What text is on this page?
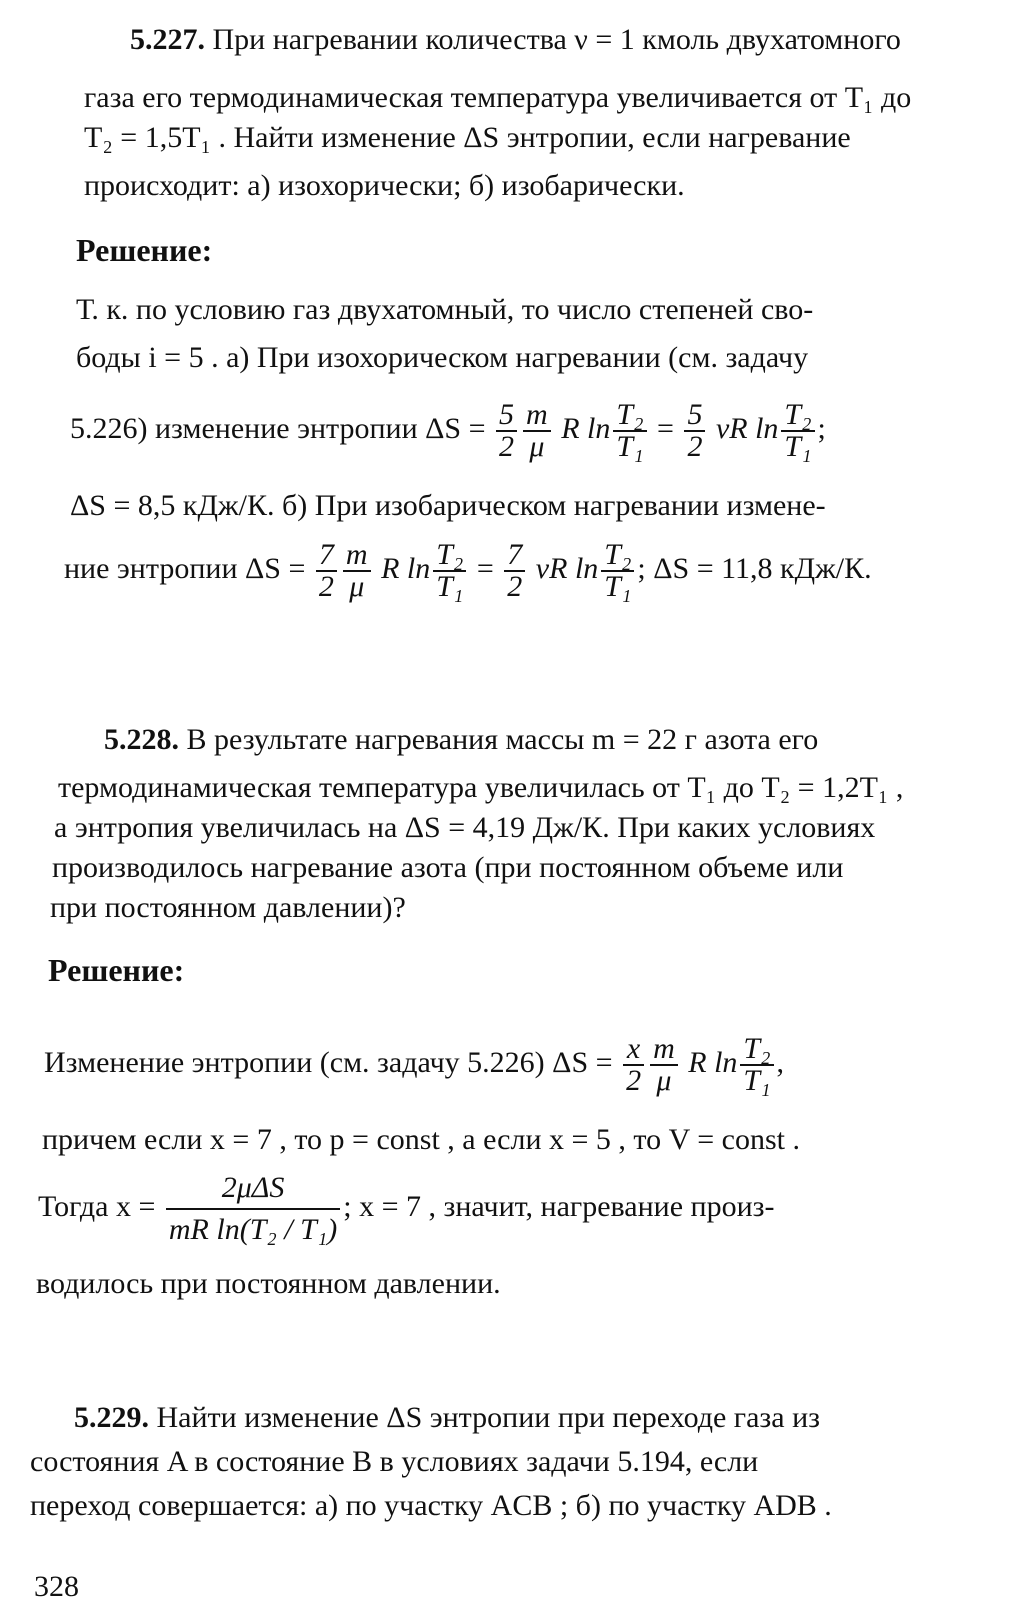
5.227. При нагревании количества ν = 1 кмоль двухатомного
газа его термодинамическая температура увеличивается от T₁ до
T₂ = 1,5T₁ . Найти изменение ΔS энтропии, если нагревание
происходит: а) изохорически; б) изобарически.
Решение:
Т. к. по условию газ двухатомный, то число степеней сво-
боды i = 5 . а) При изохорическом нагревании (см. задачу
5.226) изменение энтропии $\Delta S = \frac{5}{2} \frac{m}{\mu}$ R $\ln \frac{\text{T₂}}{\text{T₁}} = \frac{5}{2}$ νR $\ln \frac{\text{T₂}}{\text{T₁}}$ ;
ΔS = 8,5 кДж/К. б) При изобарическом нагревании измене-
ние энтропии $\Delta S = \frac{7}{2} \frac{m}{\mu}$ R $\ln \frac{\text{T₂}}{\text{T₁}} = \frac{7}{2}$ νR $\ln \frac{\text{T₂}}{\text{T₁}}$ ; ΔS = 11,8 кДж/К.
5.228. В результате нагревания массы m = 22 г азота его
термодинамическая температура увеличилась от T₁ до T₂ = 1,2T₁ ,
а энтропия увеличилась на ΔS = 4,19 Дж/К. При каких условиях
производилось нагревание азота (при постоянном объеме или
при постоянном давлении)?
Решение:
Изменение энтропии (см. задачу 5.226) $\Delta S = \frac{x}{2} \frac{m}{\mu}$ R $\ln \frac{\text{T₂}}{\text{T₁}}$ ,
причем если x = 7 , то p = const , а если x = 5 , то V = const .
Тогда $x = \frac{\text{2μΔS}}{\text{mR ln(T₂ / T₁)}}$ ; x = 7 , значит, нагревание произ-
водилось при постоянном давлении.
5.229. Найти изменение ΔS энтропии при переходе газа из
состояния A в состояние B в условиях задачи 5.194, если
переход совершается: а) по участку ACB ; б) по участку ADB .
328
